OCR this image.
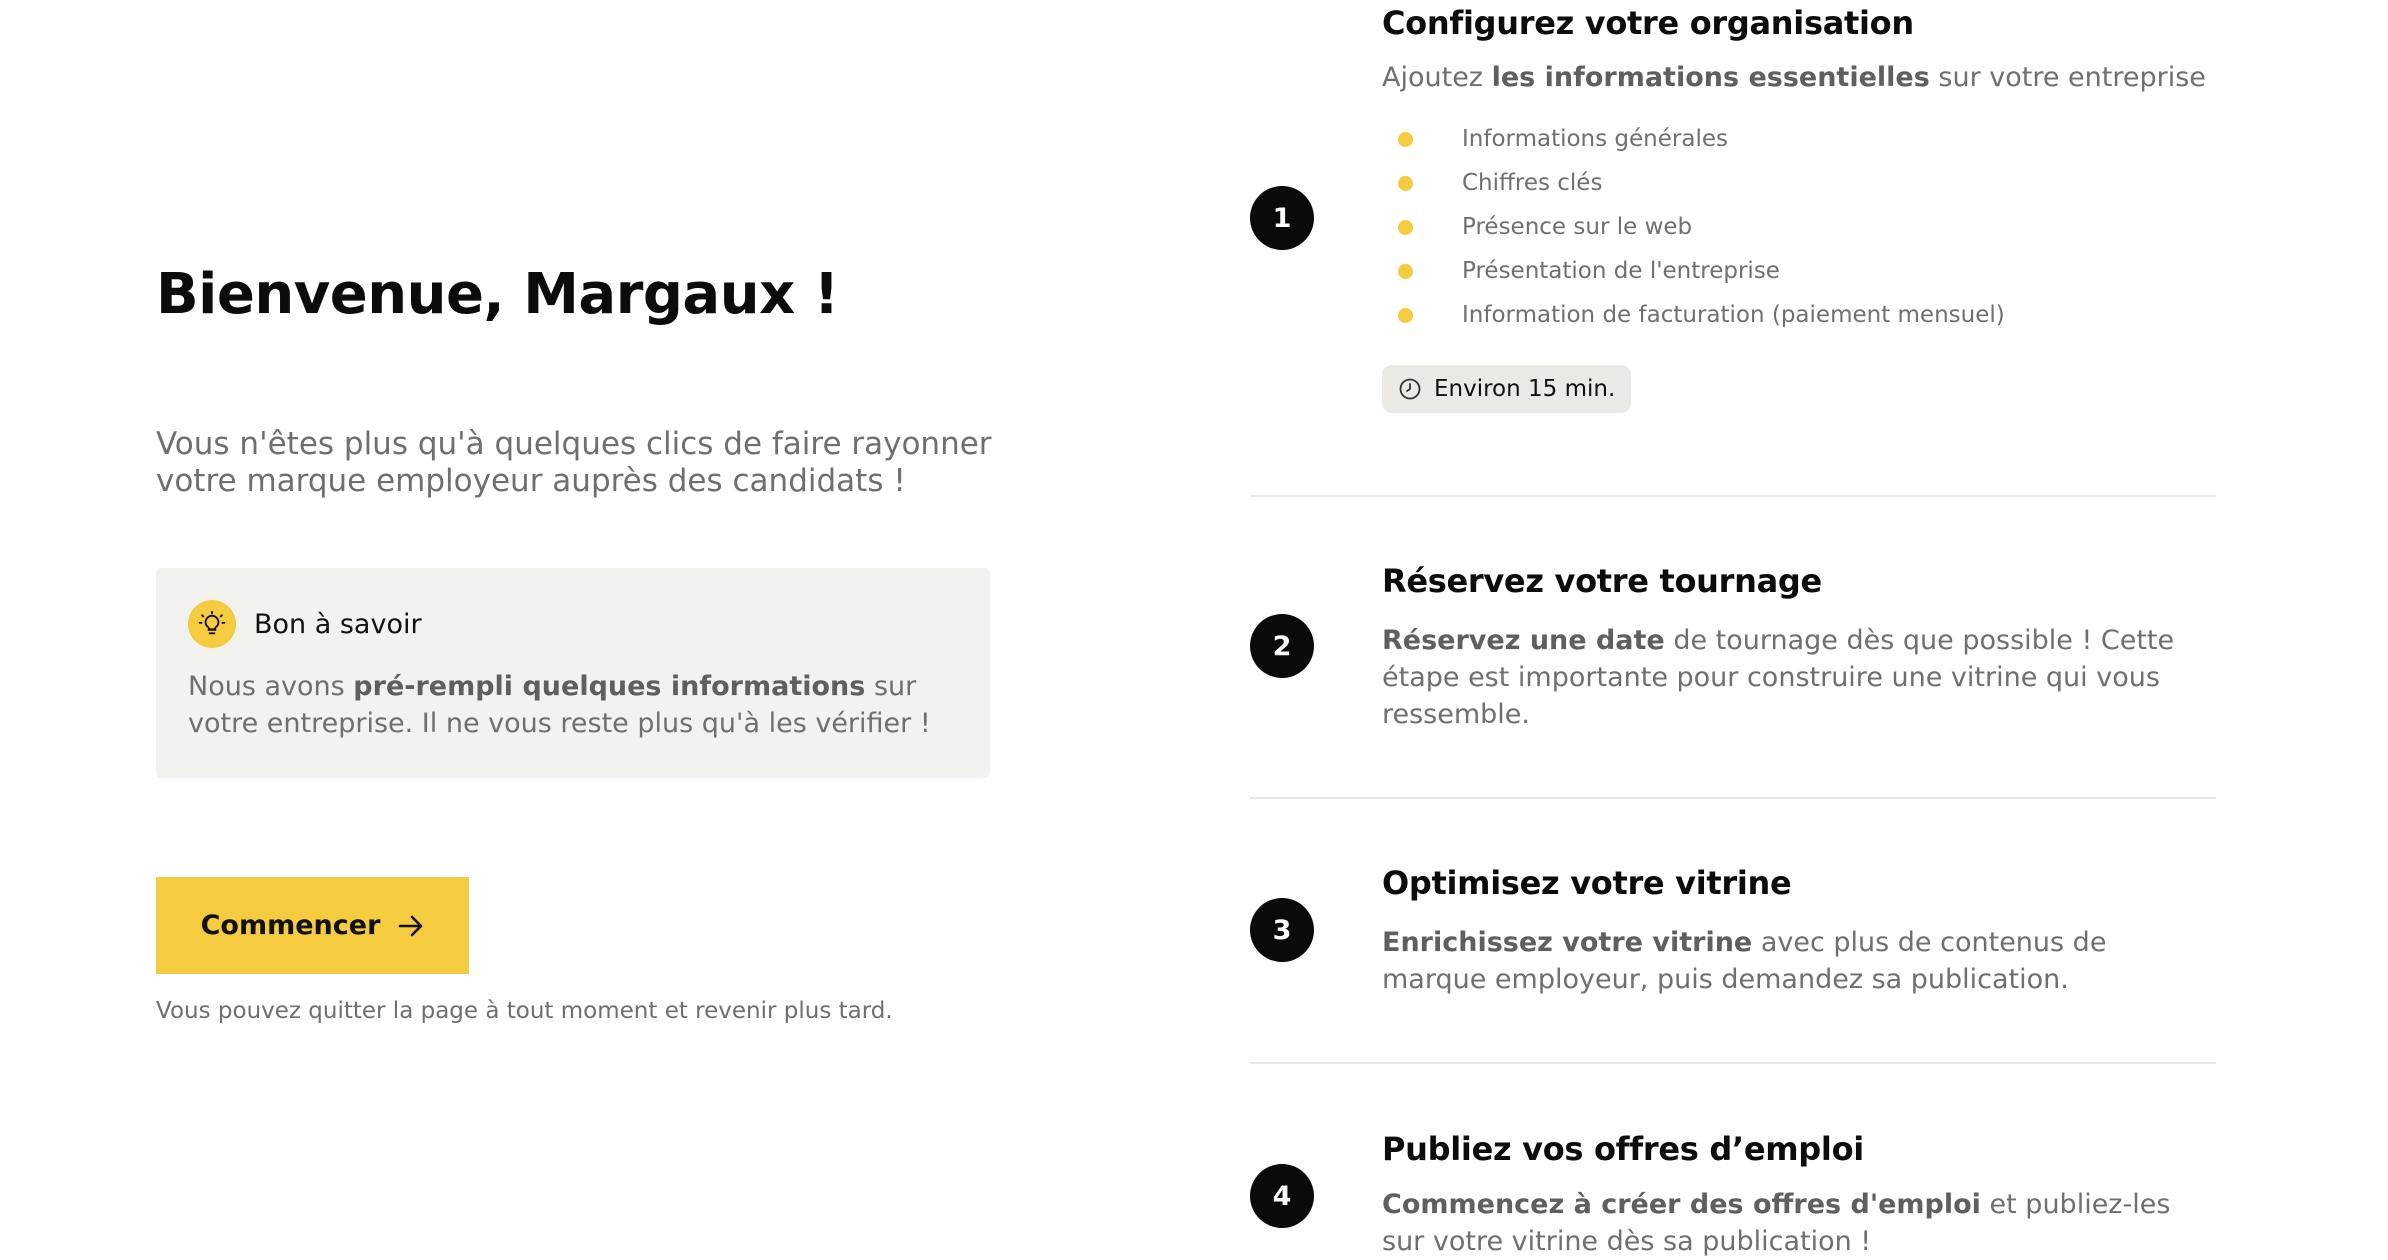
Bienvenue, Margaux !

Vous n'êtes plus qu'à quelques clics de faire rayonner votre marque employeur auprès des candidats !

Bon à savoir

Nous avons pré-rempli quelques informations sur votre entreprise. Il ne vous reste plus qu'à les vérifier !

Commencer

Vous pouvez quitter la page à tout moment et revenir plus tard.

1
Configurez votre organisation

Ajoutez les informations essentielles sur votre entreprise

Informations générales
Chiffres clés
Présence sur le web
Présentation de l'entreprise
Information de facturation (paiement mensuel)
Environ 15 min.
2
Réservez votre tournage

Réservez une date de tournage dès que possible ! Cette étape est importante pour construire une vitrine qui vous ressemble.

3
Optimisez votre vitrine

Enrichissez votre vitrine avec plus de contenus de marque employeur, puis demandez sa publication.

4
Publiez vos offres d’emploi

Commencez à créer des offres d'emploi et publiez-les sur votre vitrine dès sa publication !
